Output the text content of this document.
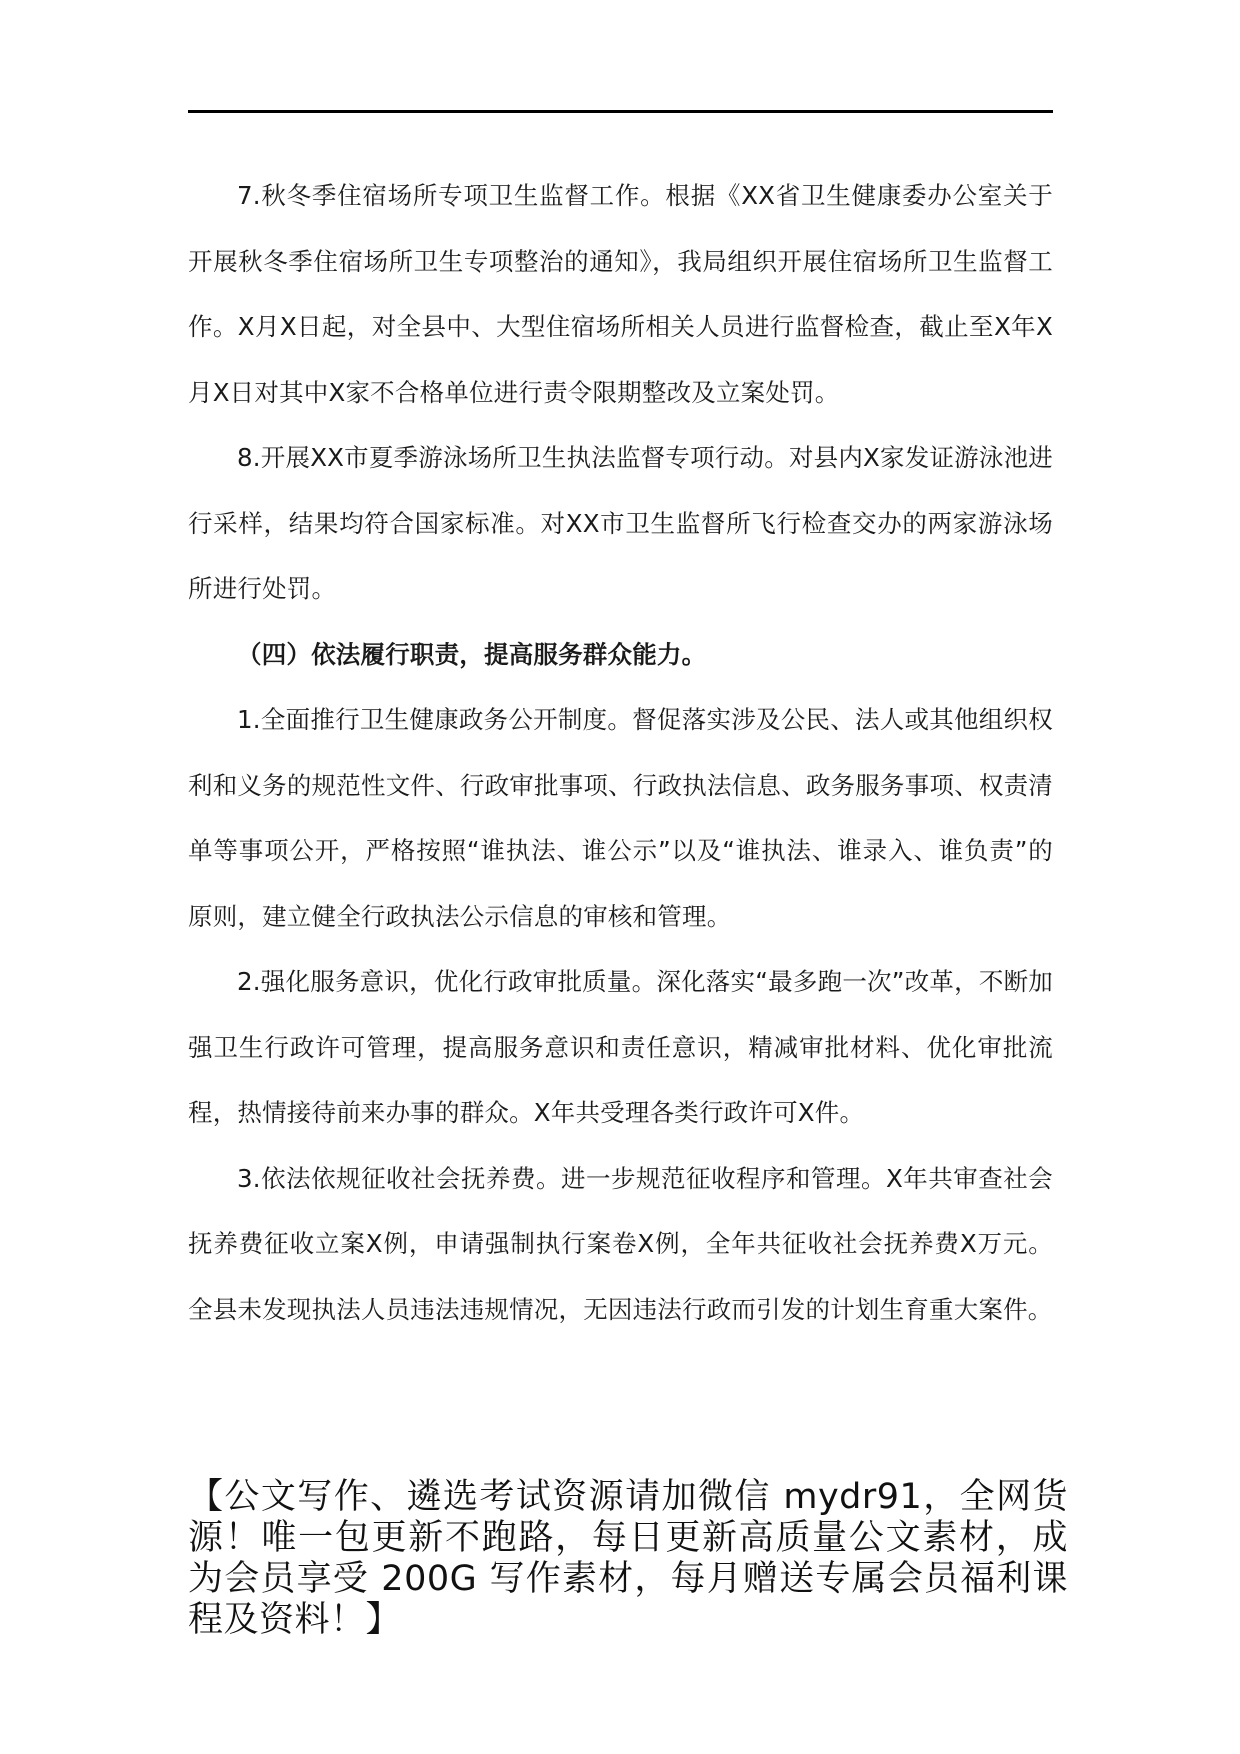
7.秋冬季住宿场所专项卫生监督工作。根据《XX省卫生健康委办公室关于开展秋冬季住宿场所卫生专项整治的通知》，我局组织开展住宿场所卫生监督工作。X月X日起，对全县中、大型住宿场所相关人员进行监督检查，截止至X年X月X日对其中X家不合格单位进行责令限期整改及立案处罚。

8.开展XX市夏季游泳场所卫生执法监督专项行动。对县内X家发证游泳池进行采样，结果均符合国家标准。对XX市卫生监督所飞行检查交办的两家游泳场所进行处罚。

（四）依法履行职责，提高服务群众能力。

1.全面推行卫生健康政务公开制度。督促落实涉及公民、法人或其他组织权利和义务的规范性文件、行政审批事项、行政执法信息、政务服务事项、权责清单等事项公开，严格按照“谁执法、谁公示”以及“谁执法、谁录入、谁负责”的原则，建立健全行政执法公示信息的审核和管理。

2.强化服务意识，优化行政审批质量。深化落实“最多跑一次”改革，不断加强卫生行政许可管理，提高服务意识和责任意识，精减审批材料、优化审批流程，热情接待前来办事的群众。X年共受理各类行政许可X件。

3.依法依规征收社会抚养费。进一步规范征收程序和管理。X年共审查社会抚养费征收立案X例，申请强制执行案卷X例，全年共征收社会抚养费X万元。全县未发现执法人员违法违规情况，无因违法行政而引发的计划生育重大案件。

【公文写作、遴选考试资源请加微信 mydr91，全网货源！唯一包更新不跑路，每日更新高质量公文素材，成为会员享受 200G 写作素材，每月赠送专属会员福利课程及资料！】
